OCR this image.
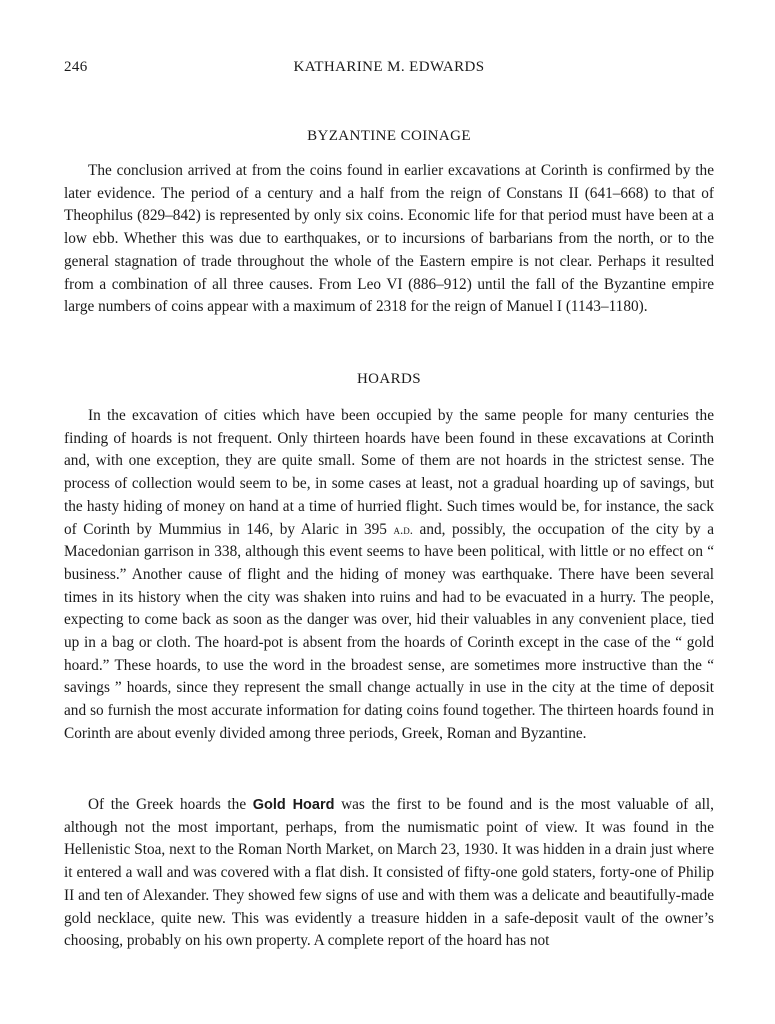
246	KATHARINE M. EDWARDS
BYZANTINE COINAGE

The conclusion arrived at from the coins found in earlier excavations at Corinth is confirmed by the later evidence. The period of a century and a half from the reign of Constans II (641–668) to that of Theophilus (829–842) is represented by only six coins. Economic life for that period must have been at a low ebb. Whether this was due to earthquakes, or to incursions of barbarians from the north, or to the general stagnation of trade throughout the whole of the Eastern empire is not clear. Perhaps it resulted from a combination of all three causes. From Leo VI (886–912) until the fall of the Byzantine empire large numbers of coins appear with a maximum of 2318 for the reign of Manuel I (1143–1180).

HOARDS

In the excavation of cities which have been occupied by the same people for many centuries the finding of hoards is not frequent. Only thirteen hoards have been found in these excavations at Corinth and, with one exception, they are quite small. Some of them are not hoards in the strictest sense. The process of collection would seem to be, in some cases at least, not a gradual hoarding up of savings, but the hasty hiding of money on hand at a time of hurried flight. Such times would be, for instance, the sack of Corinth by Mummius in 146, by Alaric in 395 a.d. and, possibly, the occupation of the city by a Macedonian garrison in 338, although this event seems to have been political, with little or no effect on “ business.” Another cause of flight and the hiding of money was earthquake. There have been several times in its history when the city was shaken into ruins and had to be evacuated in a hurry. The people, expecting to come back as soon as the danger was over, hid their valuables in any convenient place, tied up in a bag or cloth. The hoard-pot is absent from the hoards of Corinth except in the case of the “ gold hoard.” These hoards, to use the word in the broadest sense, are sometimes more instructive than the “ savings ” hoards, since they represent the small change actually in use in the city at the time of deposit and so furnish the most accurate information for dating coins found together. The thirteen hoards found in Corinth are about evenly divided among three periods, Greek, Roman and Byzantine.

Of the Greek hoards the Gold Hoard was the first to be found and is the most valuable of all, although not the most important, perhaps, from the numismatic point of view. It was found in the Hellenistic Stoa, next to the Roman North Market, on March 23, 1930. It was hidden in a drain just where it entered a wall and was covered with a flat dish. It consisted of fifty-one gold staters, forty-one of Philip II and ten of Alexander. They showed few signs of use and with them was a delicate and beautifully-made gold necklace, quite new. This was evidently a treasure hidden in a safe-deposit vault of the owner’s choosing, probably on his own property. A complete report of the hoard has not
